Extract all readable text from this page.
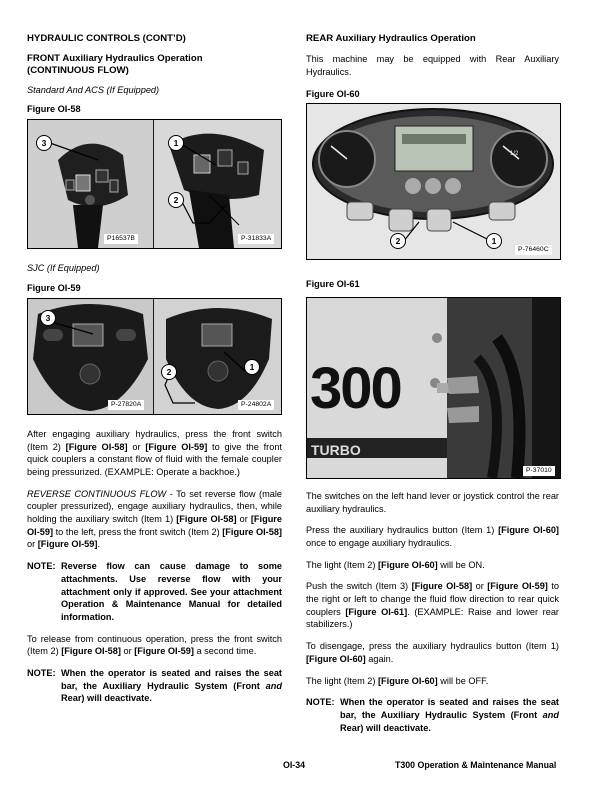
HYDRAULIC CONTROLS (CONT’D)
FRONT Auxiliary Hydraulics Operation
(CONTINUOUS FLOW)
Standard And ACS (If Equipped)
Figure OI-58
P16537B	P-31833A
3	1
2
SJC (If Equipped)
Figure OI-59
P-27820A	P-24802A
3
2	1

After engaging auxiliary hydraulics, press the front switch (Item 2) [Figure OI-58] or [Figure OI-59] to give the front quick couplers a constant flow of fluid with the female coupler being pressurized. (EXAMPLE: Operate a backhoe.)

REVERSE CONTINUOUS FLOW - To set reverse flow (male coupler pressurized), engage auxiliary hydraulics, then, while holding the auxiliary switch (Item 1) [Figure OI-58] or [Figure OI-59] to the left, press the front switch (Item 2) [Figure OI-58] or [Figure OI-59].

NOTE: Reverse flow can cause damage to some attachments. Use reverse flow with your attachment only if approved. See your attachment Operation & Maintenance Manual for detailed information.

To release from continuous operation, press the front switch (Item 2) [Figure OI-58] or [Figure OI-59] a second time.

NOTE: When the operator is seated and raises the seat bar, the Auxiliary Hydraulic System (Front and Rear) will deactivate.
REAR Auxiliary Hydraulics Operation

This machine may be equipped with Rear Auxiliary Hydraulics.

Figure OI-60
1/2
2	1
P-76460C
Figure OI-61
300
TURBO
P-37010

The switches on the left hand lever or joystick control the rear auxiliary hydraulics.

Press the auxiliary hydraulics button (Item 1) [Figure OI-60] once to engage auxiliary hydraulics.

The light (Item 2) [Figure OI-60] will be ON.

Push the switch (Item 3) [Figure OI-58] or [Figure OI-59] to the right or left to change the fluid flow direction to rear quick couplers [Figure OI-61]. (EXAMPLE: Raise and lower rear stabilizers.)

To disengage, press the auxiliary hydraulics button (Item 1) [Figure OI-60] again.

The light (Item 2) [Figure OI-60] will be OFF.

NOTE: When the operator is seated and raises the seat bar, the Auxiliary Hydraulic System (Front and Rear) will deactivate.
OI-34	T300 Operation & Maintenance Manual
